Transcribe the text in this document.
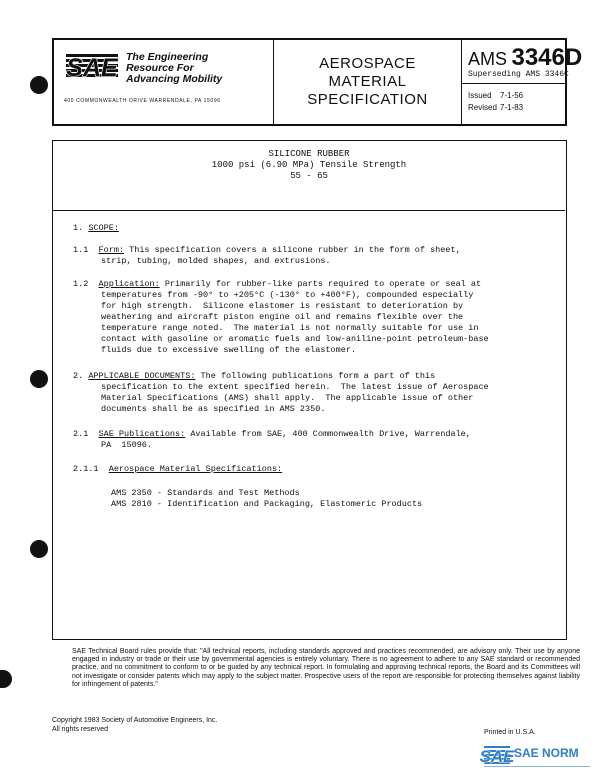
SAE The Engineering
Resource For
Advancing Mobility
400 COMMONWEALTH DRIVE WARRENDALE, PA 15096
AEROSPACE
MATERIAL
SPECIFICATION
AMS 3346D
Superseding AMS 3346C
Issued 7-1-56
Revised 7-1-83
SILICONE RUBBER
1000 psi (6.90 MPa) Tensile Strength
55 - 65
1. SCOPE:
1.1 Form: This specification covers a silicone rubber in the form of sheet,
strip, tubing, molded shapes, and extrusions.
1.2 Application: Primarily for rubber-like parts required to operate or seal at
temperatures from -90° to +205°C (-130° to +400°F), compounded especially
for high strength.  Silicone elastomer is resistant to deterioration by
weathering and aircraft piston engine oil and remains flexible over the
temperature range noted.  The material is not normally suitable for use in
contact with gasoline or aromatic fuels and low-aniline-point petroleum-base
fluids due to excessive swelling of the elastomer.
2. APPLICABLE DOCUMENTS: The following publications form a part of this
specification to the extent specified herein.  The latest issue of Aerospace
Material Specifications (AMS) shall apply.  The applicable issue of other
documents shall be as specified in AMS 2350.
2.1 SAE Publications: Available from SAE, 400 Commonwealth Drive, Warrendale,
PA  15096.
2.1.1 Aerospace Material Specifications:
AMS 2350 - Standards and Test Methods
AMS 2810 - Identification and Packaging, Elastomeric Products
SAE Technical Board rules provide that: "All technical reports, including standards approved and practices recommended, are advisory only. Their use by anyone engaged in industry or trade or their use by governmental agencies is entirely voluntary. There is no agreement to adhere to any SAE standard or recommended practice, and no commitment to conform to or be guided by any technical report. In formulating and approving technical reports, the Board and its Committees will not investigate or consider patents which may apply to the subject matter. Prospective users of the report are responsible for protecting themselves against liability for infringement of patents."
Copyright 1983 Society of Automotive Engineers, Inc.
All rights reserved	Printed in U.S.A.
SAE SAE NORM
